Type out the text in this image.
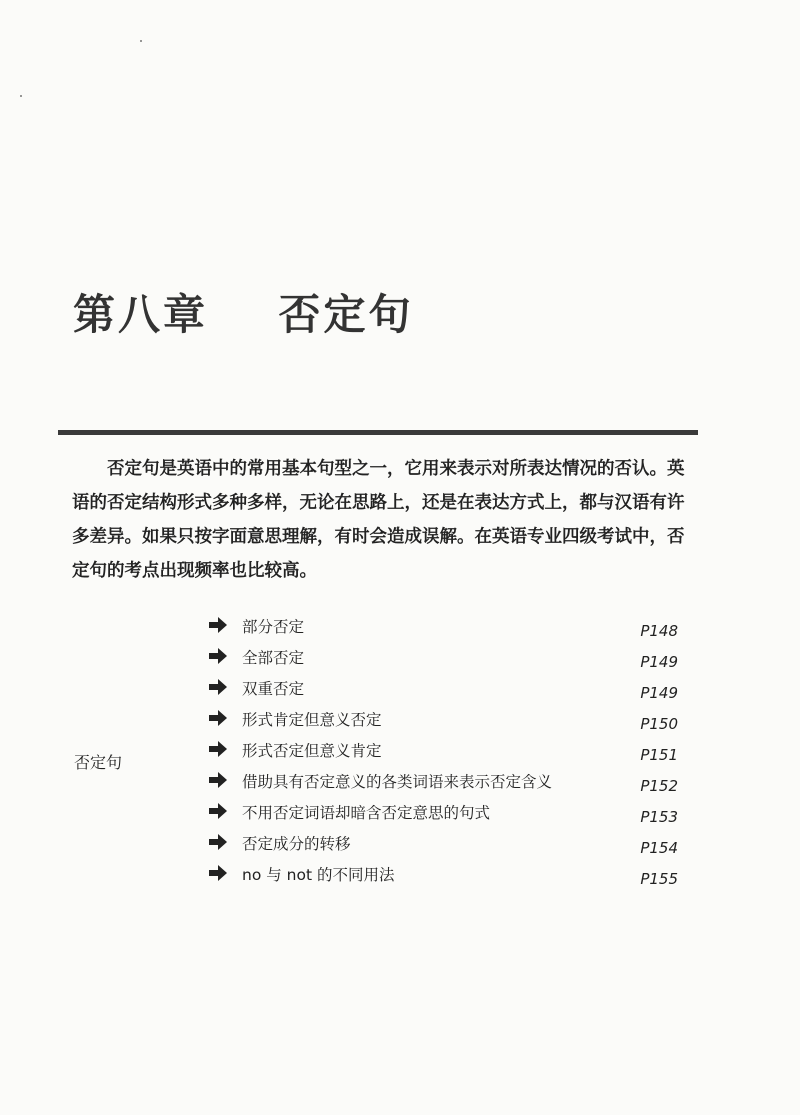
第八章    否定句

否定句是英语中的常用基本句型之一，它用来表示对所表达情况的否认。英语的否定结构形式多种多样，无论在思路上，还是在表达方式上，都与汉语有许多差异。如果只按字面意思理解，有时会造成误解。在英语专业四级考试中，否定句的考点出现频率也比较高。

否定句
部分否定	P148
全部否定	P149
双重否定	P149
形式肯定但意义否定	P150
形式否定但意义肯定	P151
借助具有否定意义的各类词语来表示否定含义	P152
不用否定词语却暗含否定意思的句式	P153
否定成分的转移	P154
no 与 not 的不同用法	P155
